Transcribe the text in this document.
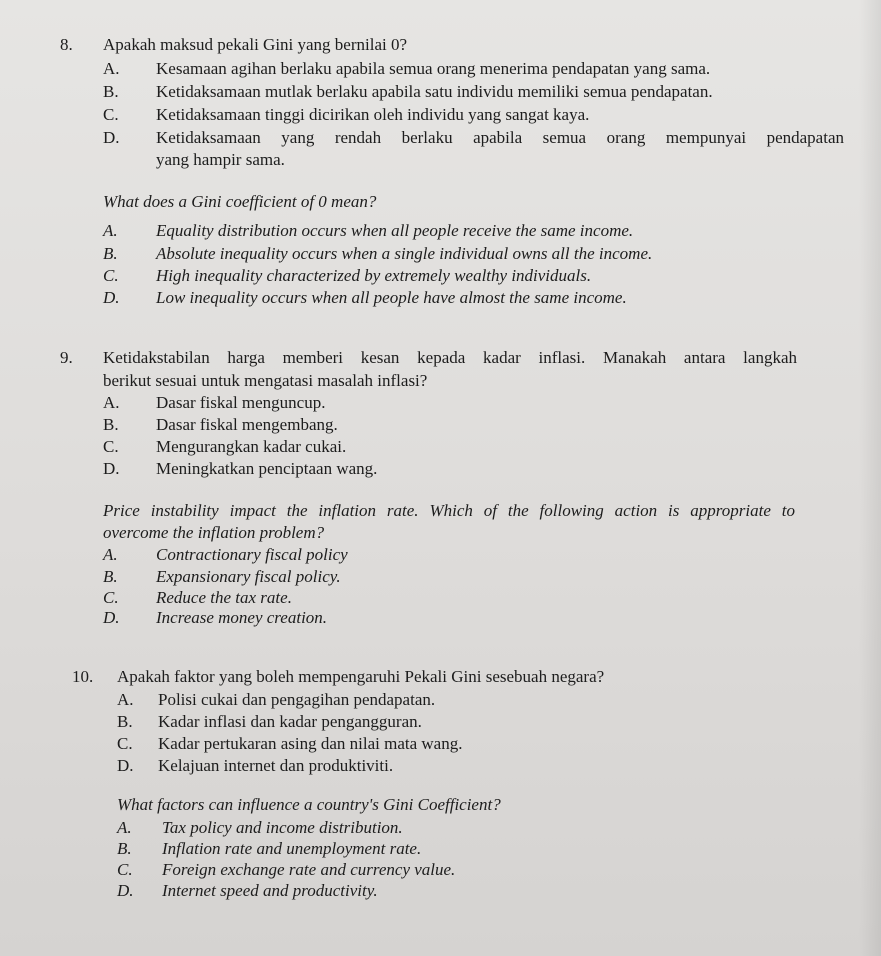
8. Apakah maksud pekali Gini yang bernilai 0?
A. Kesamaan agihan berlaku apabila semua orang menerima pendapatan yang sama.
B. Ketidaksamaan mutlak berlaku apabila satu individu memiliki semua pendapatan.
C. Ketidaksamaan tinggi dicirikan oleh individu yang sangat kaya.
D. Ketidaksamaan yang rendah berlaku apabila semua orang mempunyai pendapatan
yang hampir sama.
What does a Gini coefficient of 0 mean?
A. Equality distribution occurs when all people receive the same income.
B. Absolute inequality occurs when a single individual owns all the income.
C. High inequality characterized by extremely wealthy individuals.
D. Low inequality occurs when all people have almost the same income.
9. Ketidakstabilan harga memberi kesan kepada kadar inflasi. Manakah antara langkah
berikut sesuai untuk mengatasi masalah inflasi?
A. Dasar fiskal menguncup.
B. Dasar fiskal mengembang.
C. Mengurangkan kadar cukai.
D. Meningkatkan penciptaan wang.
Price instability impact the inflation rate. Which of the following action is appropriate to
overcome the inflation problem?
A. Contractionary fiscal policy
B. Expansionary fiscal policy.
C. Reduce the tax rate.
D. Increase money creation.
10. Apakah faktor yang boleh mempengaruhi Pekali Gini sesebuah negara?
A. Polisi cukai dan pengagihan pendapatan.
B. Kadar inflasi dan kadar pengangguran.
C. Kadar pertukaran asing dan nilai mata wang.
D. Kelajuan internet dan produktiviti.
What factors can influence a country's Gini Coefficient?
A. Tax policy and income distribution.
B. Inflation rate and unemployment rate.
C. Foreign exchange rate and currency value.
D. Internet speed and productivity.
